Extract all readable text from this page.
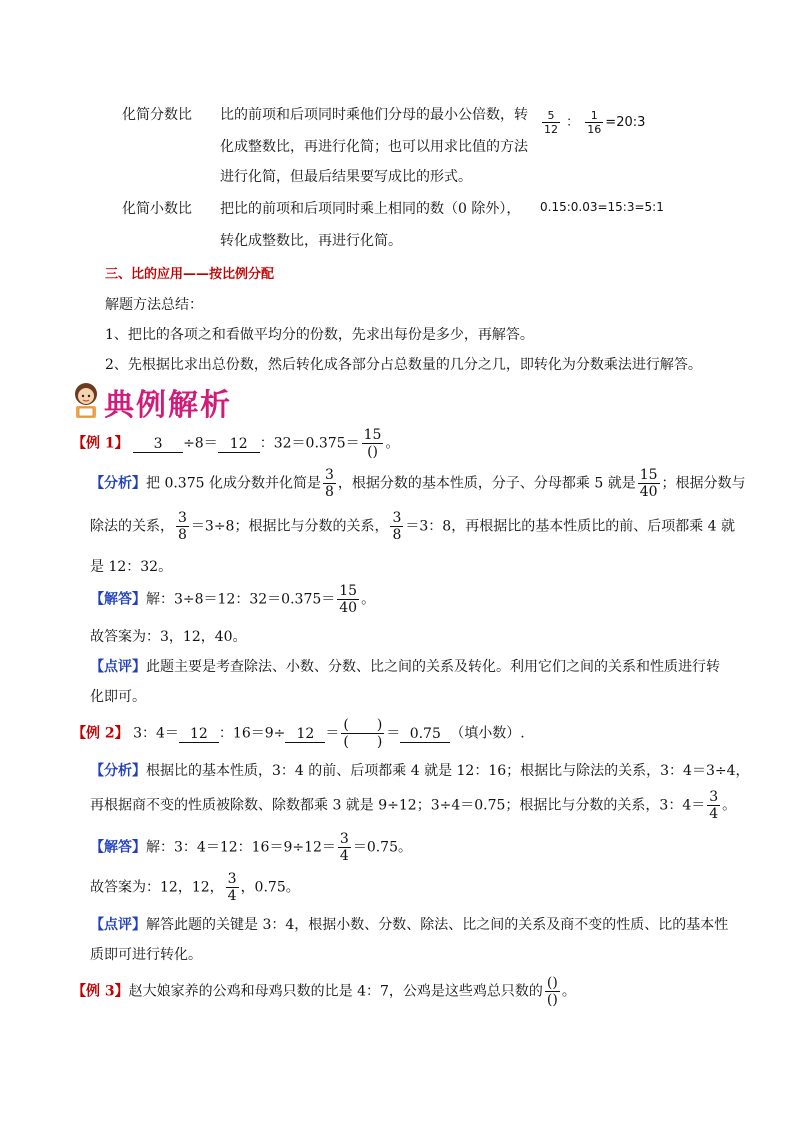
化简分数比 比的前项和后项同时乘他们分母的最小公倍数，转
化成整数比，再进行化简；也可以用求比值的方法
进行化简，但最后结果要写成比的形式。
$\frac{5}{12}$ ： $\frac{1}{16}$ =20:3
化简小数比 把比的前项和后项同时乘上相同的数（0 除外），
转化成整数比，再进行化简。
0.15:0.03=15:3=5:1
三、比的应用——按比例分配
解题方法总结：
1、把比的各项之和看做平均分的份数，先求出每份是多少，再解答。
2、先根据比求出总份数，然后转化成各部分占总数量的几分之几，即转化为分数乘法进行解答。
典例解析
【例 1】 3 ÷8＝ 12 ：$32=0.375= \frac{15}{()}$ 。
【分析】把 0.375 化成分数并化简是 $\frac{3}{8}$ ，根据分数的基本性质，分子、分母都乘 5 就是 $\frac{15}{40}$ ；根据分数与
除法的关系， $\frac{3}{8} =3\div 8$；根据比与分数的关系， $\frac{3}{8} =3$：8，再根据比的基本性质比的前、后项都乘 4 就
是 12：32。
【解答】解：3÷8＝12：$32=0.375= \frac{15}{40}$ 。
故答案为：3，12，40。
【点评】此题主要是考查除法、小数、分数、比之间的关系及转化。利用它们之间的关系和性质进行转
化即可。
【例 2】 3：4＝ 12 ：$16=9\div 12 = \frac{( )}{( )} = 0.75$ （填小数）.
【分析】根据比的基本性质，3：4 的前、后项都乘 4 就是 12：16；根据比与除法的关系，3：4＝3÷4，
再根据商不变的性质被除数、除数都乘 3 就是 9÷12；3÷4＝0.75；根据比与分数的关系，3：$4= \frac{3}{4}$ 。
【解答】解：3：4＝12：$16=9\div 12= \frac{3}{4} =0.75$。
故答案为：12，12， $\frac{3}{4}$ ，0.75。
【点评】解答此题的关键是 3：4，根据小数、分数、除法、比之间的关系及商不变的性质、比的基本性
质即可进行转化。
【例 3】赵大娘家养的公鸡和母鸡只数的比是 4：7，公鸡是这些鸡总只数的 $\frac{()}{()}$ 。
